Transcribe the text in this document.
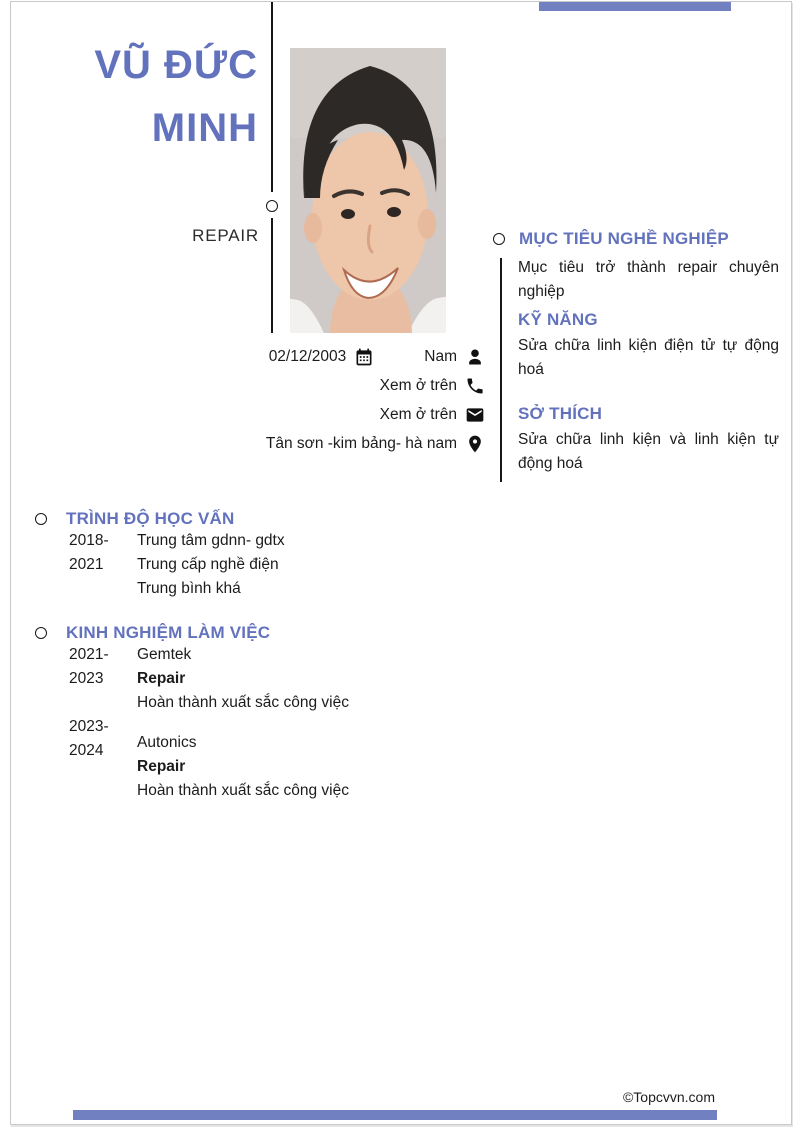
VŨ ĐỨC
MINH
REPAIR
02/12/2003	Nam
Xem ở trên
Xem ở trên
Tân sơn -kim bảng- hà nam
MỤC TIÊU NGHỀ NGHIỆP

Mục tiêu trở thành repair chuyên nghiệp

KỸ NĂNG

Sửa chữa linh kiện điện tử tự động hoá

SỞ THÍCH

Sửa chữa linh kiện và linh kiện tự động hoá

TRÌNH ĐỘ HỌC VẤN
2018-
2021
Trung tâm gdnn- gdtx
Trung cấp nghề điện
Trung bình khá
KINH NGHIỆM LÀM VIỆC
2021-
2023
Gemtek
Repair
Hoàn thành xuất sắc công việc
2023-
2024	Autonics
Repair
Hoàn thành xuất sắc công việc
©Topcvvn.com
